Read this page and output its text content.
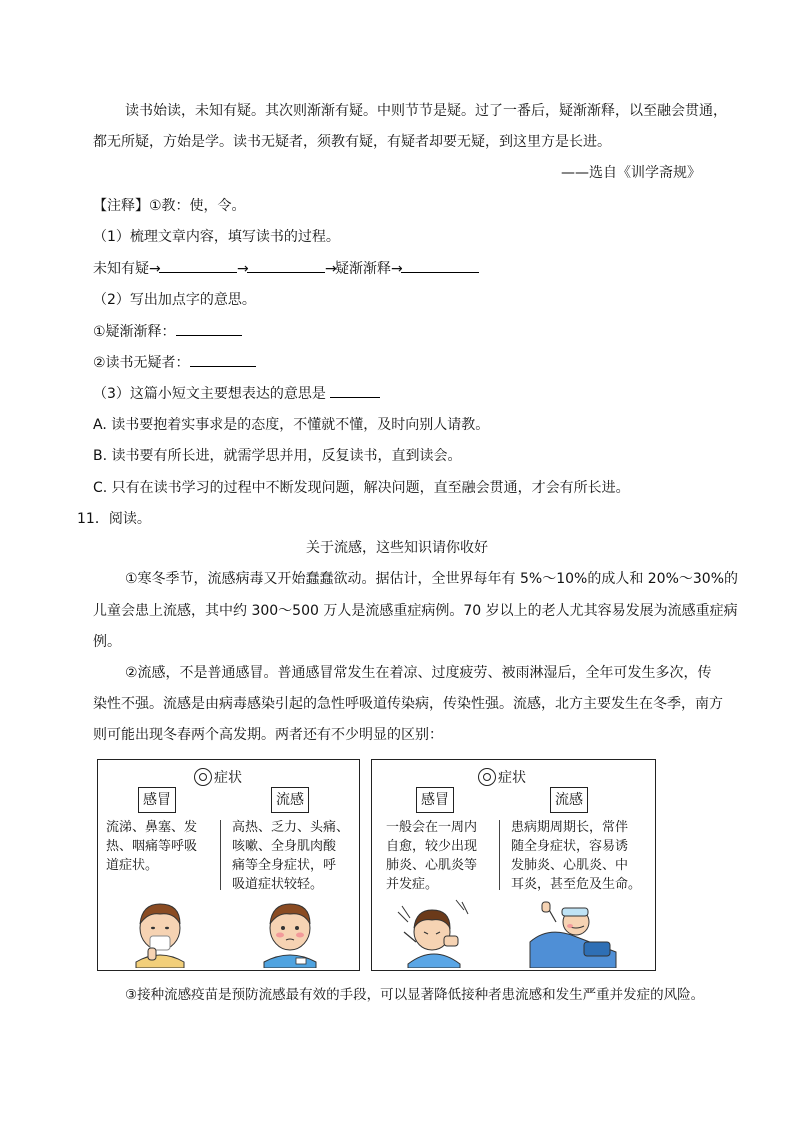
读书始读，未知有疑。其次则渐渐有疑。中则节节是疑。过了一番后，疑渐渐释，以至融会贯通，
都无所疑，方始是学。读书无疑者，须教有疑，有疑者却要无疑，到这里方是长进。
——选自《训学斋规》
【注释】①教：使，令。
（1）梳理文章内容，填写读书的过程。
未知有疑→	→	→疑渐渐释→
（2）写出加点字的意思。
①疑渐渐释：
②读书无疑者：
（3）这篇小短文主要想表达的意思是
A. 读书要抱着实事求是的态度，不懂就不懂，及时向别人请教。
B. 读书要有所长进，就需学思并用，反复读书，直到读会。
C. 只有在读书学习的过程中不断发现问题，解决问题，直至融会贯通，才会有所长进。
11．阅读。
关于流感，这些知识请你收好
①寒冬季节，流感病毒又开始蠢蠢欲动。据估计，全世界每年有 5%～10%的成人和 20%～30%的
儿童会患上流感，其中约 300～500 万人是流感重症病例。70 岁以上的老人尤其容易发展为流感重症病
例。
②流感，不是普通感冒。普通感冒常发生在着凉、过度疲劳、被雨淋湿后，全年可发生多次，传
染性不强。流感是由病毒感染引起的急性呼吸道传染病，传染性强。流感，北方主要发生在冬季，南方
则可能出现冬春两个高发期。两者还有不少明显的区别：
症状
感冒	流感
流涕、鼻塞、发
热、咽痛等呼吸
道症状。
高热、乏力、头痛、
咳嗽、全身肌肉酸
痛等全身症状，呼
吸道症状较轻。
症状
感冒	流感
一般会在一周内
自愈，较少出现
肺炎、心肌炎等
并发症。
患病期周期长，常伴
随全身症状，容易诱
发肺炎、心肌炎、中
耳炎，甚至危及生命。
③接种流感疫苗是预防流感最有效的手段，可以显著降低接种者患流感和发生严重并发症的风险。
